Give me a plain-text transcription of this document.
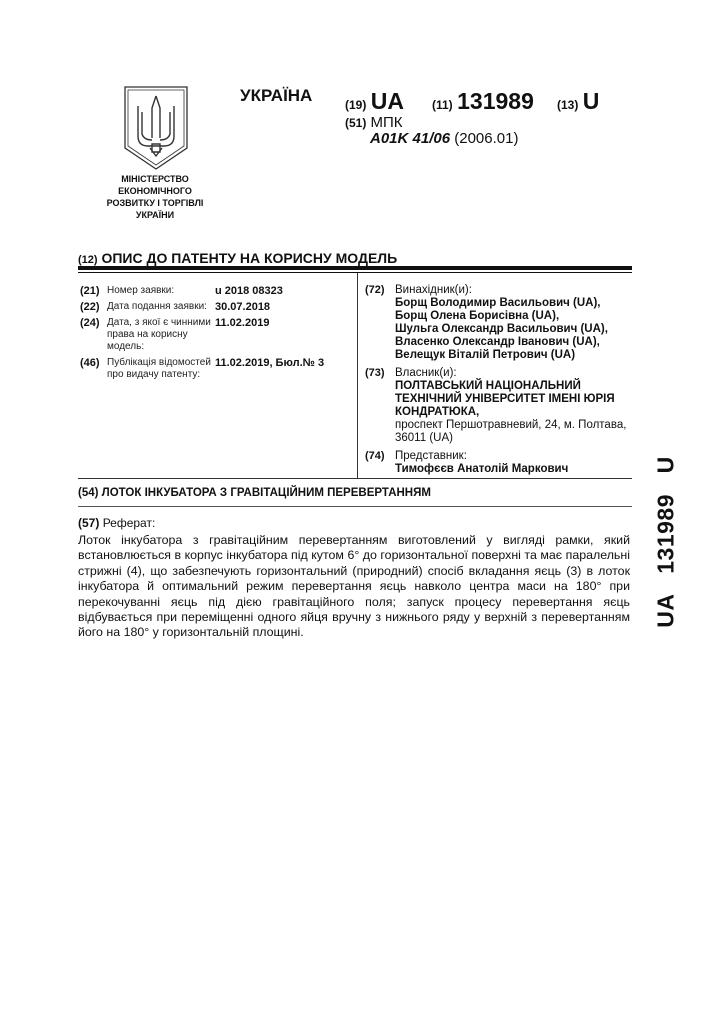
МІНІСТЕРСТВО
ЕКОНОМІЧНОГО
РОЗВИТКУ І ТОРГІВЛІ
УКРАЇНИ
УКРАЇНА	(19) UA (11) 131989 (13) U
(51) МПК
A01K 41/06 (2006.01)
(12) ОПИС ДО ПАТЕНТУ НА КОРИСНУ МОДЕЛЬ
(21) Номер заявки:	u 2018 08323
(22) Дата подання заявки: 30.07.2018
(24) Дата, з якої є чинними права на корисну модель:
11.02.2019
(46) Публікація відомостей про видачу патенту:
11.02.2019, Бюл.№ 3
(72) Винахідник(и):
Борщ Володимир Васильович (UA),
Борщ Олена Борисівна (UA),
Шульга Олександр Васильович (UA),
Власенко Олександр Іванович (UA),
Велещук Віталій Петрович (UA)
(73) Власник(и):
ПОЛТАВСЬКИЙ НАЦІОНАЛЬНИЙ
ТЕХНІЧНИЙ УНІВЕРСИТЕТ ІМЕНІ ЮРІЯ
КОНДРАТЮКА,
проспект Першотравневий, 24, м. Полтава,
36011 (UA)
(74) Представник:
Тимофєєв Анатолій Маркович
(54) ЛОТОК ІНКУБАТОРА З ГРАВІТАЦІЙНИМ ПЕРЕВЕРТАННЯМ
(57) Реферат:
Лоток інкубатора з гравітаційним перевертанням виготовлений у вигляді рамки, який встановлюється в корпус інкубатора під кутом 6° до горизонтальної поверхні та має паралельні стрижні (4), що забезпечують горизонтальний (природний) спосіб вкладання яєць (3) в лоток інкубатора й оптимальний режим перевертання яєць навколо центра маси на 180° при перекочуванні яєць під дією гравітаційного поля; запуск процесу перевертання яєць відбувається при переміщенні одного яйця вручну з нижнього ряду у верхній з перевертанням його на 180° у горизонтальній площині.
UA   131989   U
